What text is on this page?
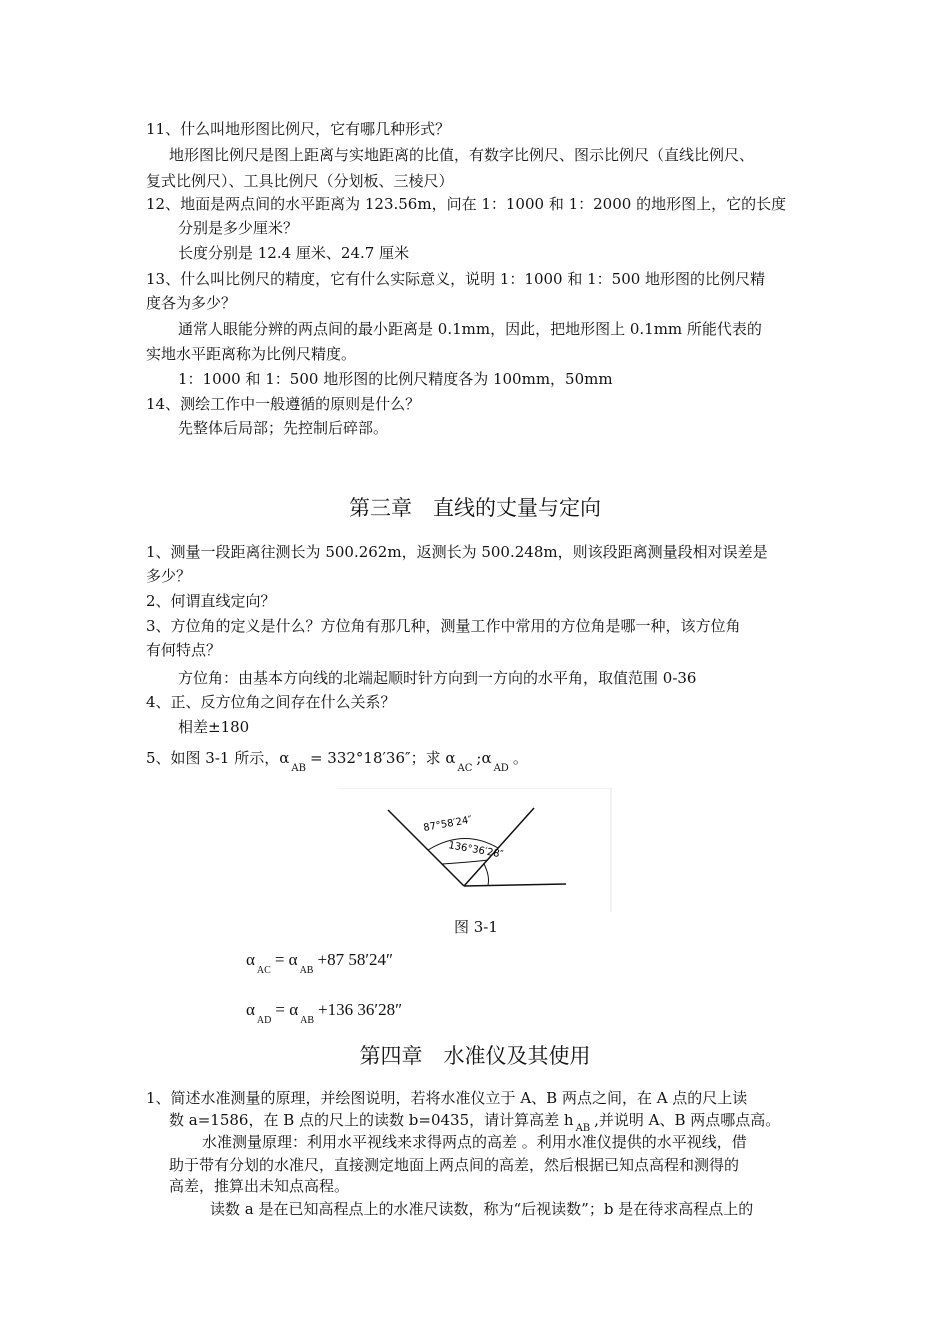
11、什么叫地形图比例尺，它有哪几种形式？
地形图比例尺是图上距离与实地距离的比值，有数字比例尺、图示比例尺（直线比例尺、
复式比例尺）、工具比例尺（分划板、三棱尺）
12、地面是两点间的水平距离为 123.56m，问在 1：1000 和 1：2000 的地形图上，它的长度
分别是多少厘米？
长度分别是 12.4 厘米、24.7 厘米
13、什么叫比例尺的精度，它有什么实际意义，说明 1：1000 和 1：500 地形图的比例尺精
度各为多少？
通常人眼能分辨的两点间的最小距离是 0.1mm，因此，把地形图上 0.1mm 所能代表的
实地水平距离称为比例尺精度。
1：1000 和 1：500 地形图的比例尺精度各为 100mm，50mm
14、测绘工作中一般遵循的原则是什么？
先整体后局部；先控制后碎部。
第三章　直线的丈量与定向
1、测量一段距离往测长为 500.262m，返测长为 500.248m，则该段距离测量段相对误差是
多少？
2、何谓直线定向？
3、方位角的定义是什么？方位角有那几种，测量工作中常用的方位角是哪一种，该方位角
有何特点？
方位角：由基本方向线的北端起顺时针方向到一方向的水平角，取值范围 0-36
4、正、反方位角之间存在什么关系？
相差±180
5、如图 3-1 所示，$\alpha_{AB}= 332^\circ 18'36''$；求 $\alpha_{AC};\alpha_{AD}$。
87°58′24″
136°36′28″
图 3-1
$\alpha_{AC}= \alpha_{AB}+87$ 58′24″
$\alpha_{AD}= \alpha_{AB}+136$ 36′28″
第四章　水准仪及其使用
1、简述水准测量的原理，并绘图说明，若将水准仪立于 A、B 两点之间，在 A 点的尺上读
数 a=1586，在 B 点的尺上的读数 b=0435，请计算高差 h $_{AB}$ ,并说明 A、B 两点哪点高。
水准测量原理：利用水平视线来求得两点的高差 。利用水准仪提供的水平视线，借
助于带有分划的水准尺，直接测定地面上两点间的高差，然后根据已知点高程和测得的
高差，推算出未知点高程。
读数 a 是在已知高程点上的水准尺读数，称为“后视读数”；b 是在待求高程点上的
